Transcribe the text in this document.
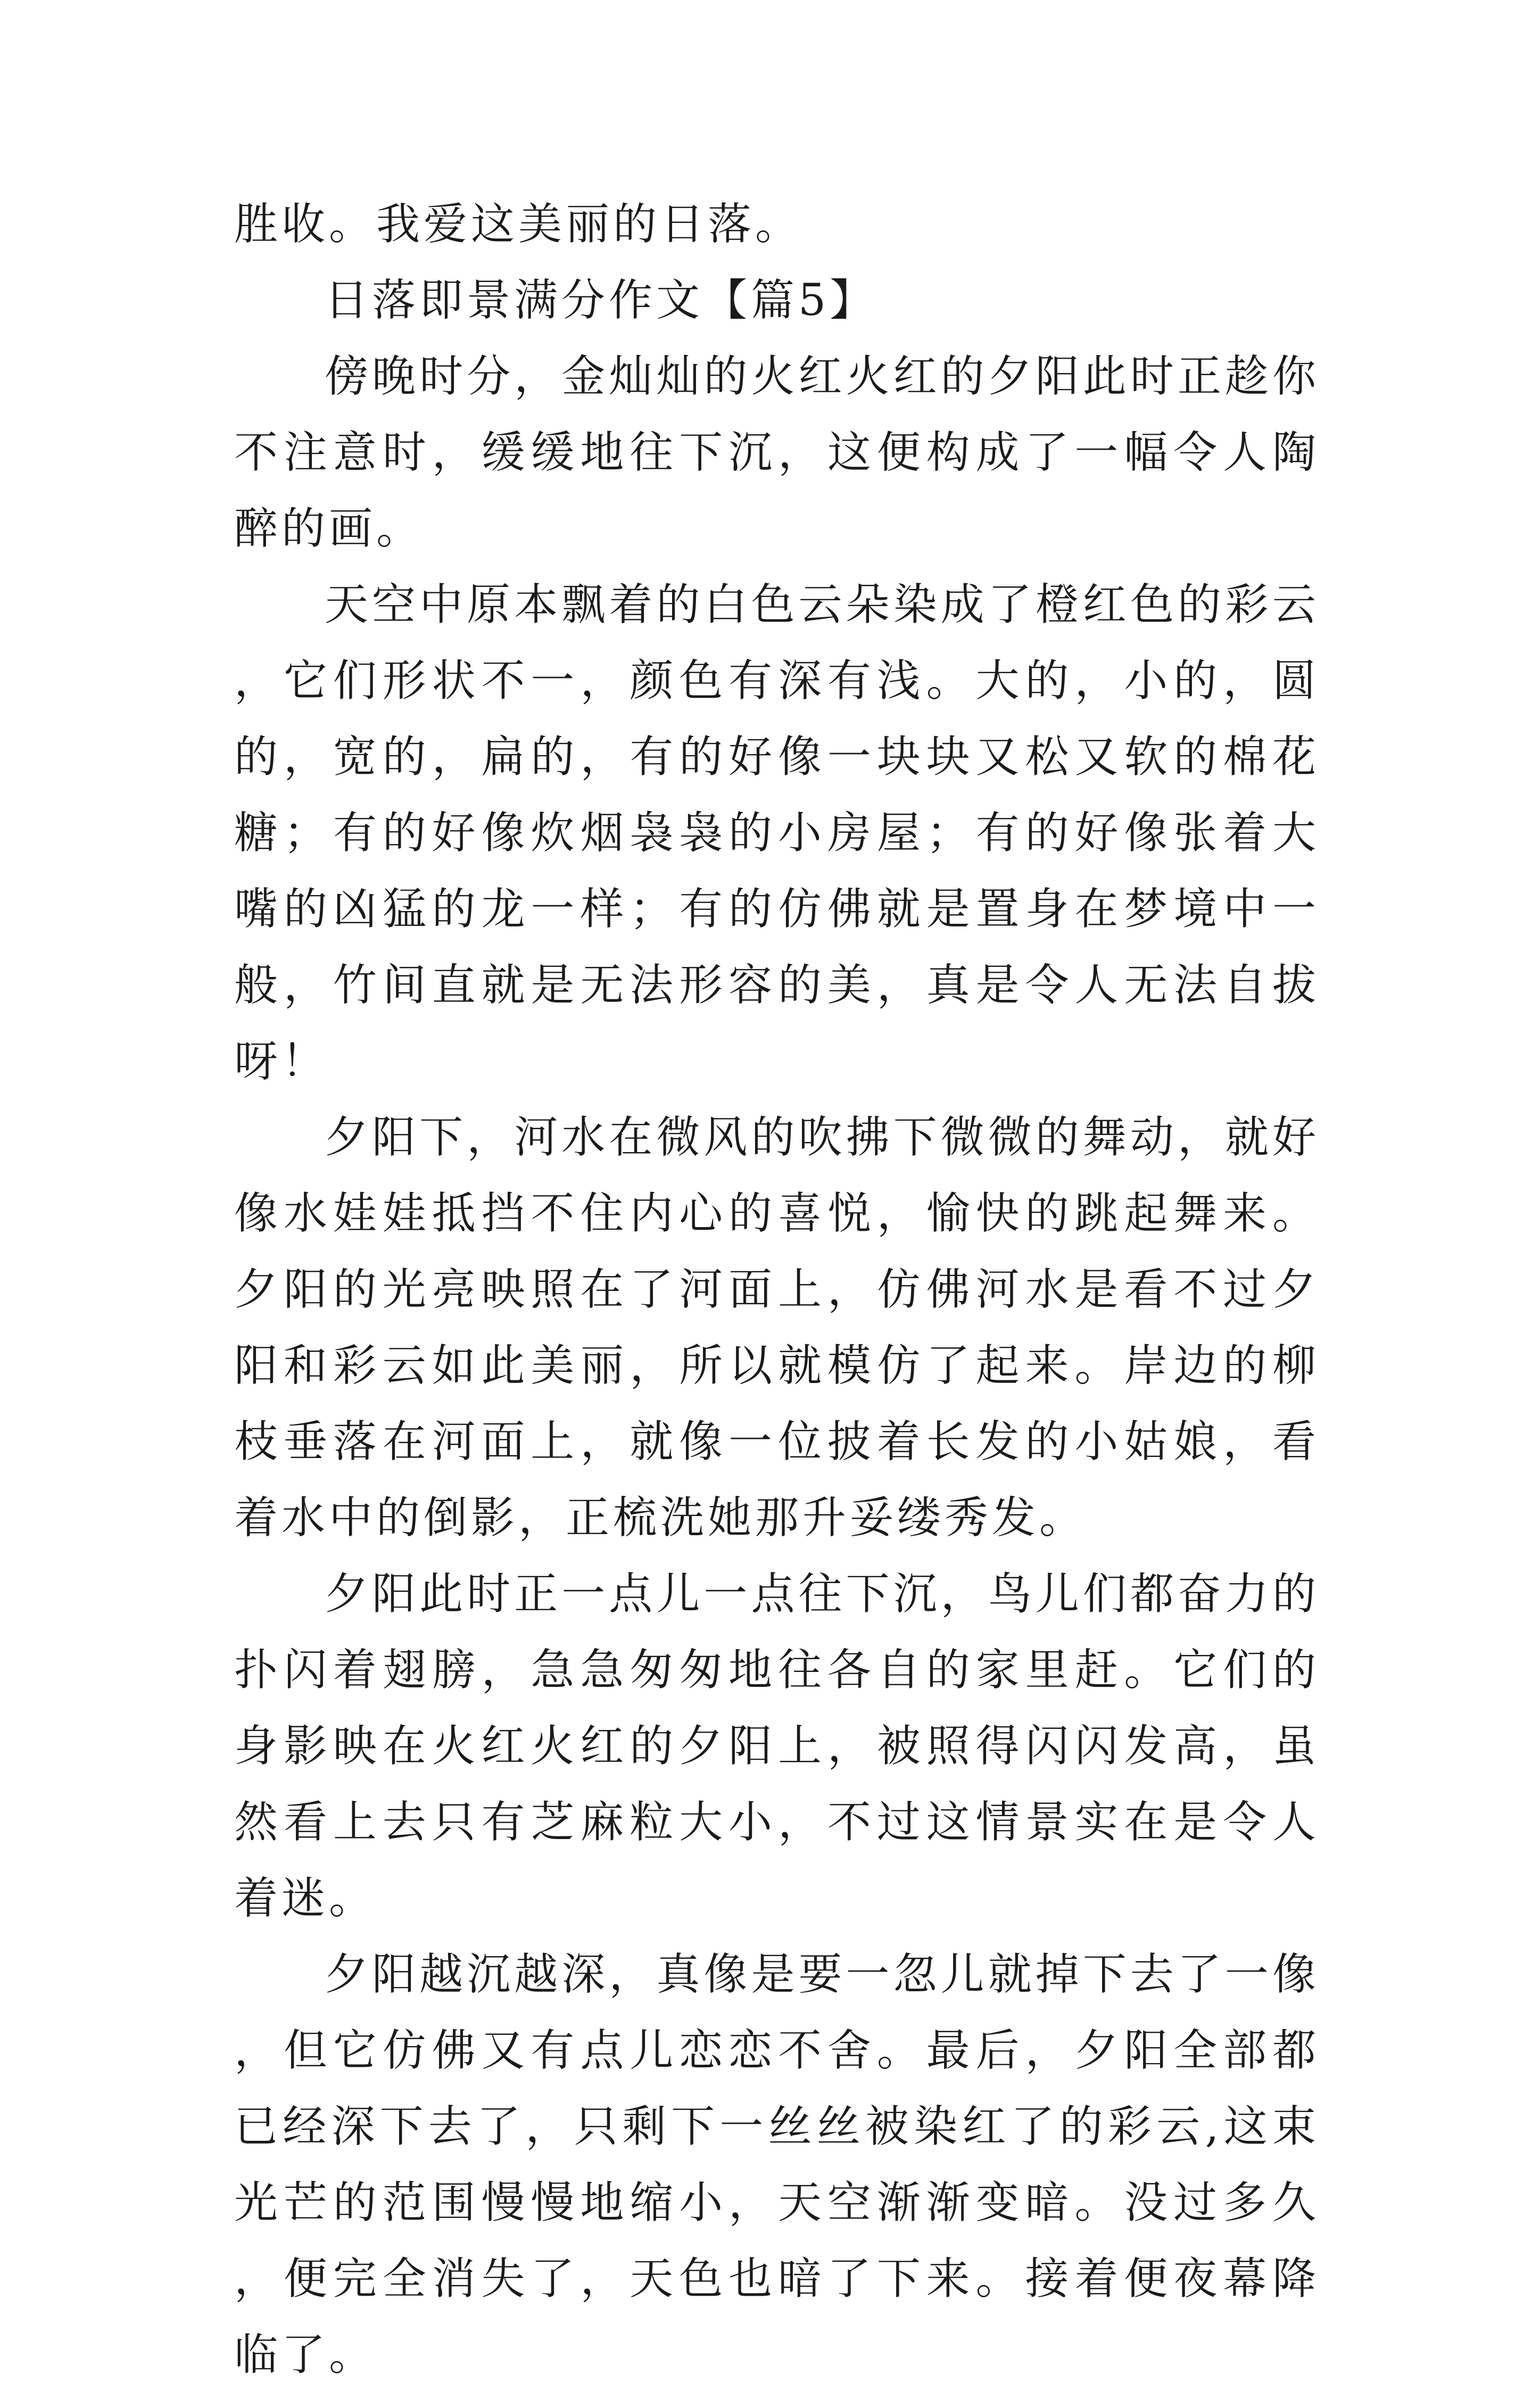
胜收。我爱这美丽的日落。

日落即景满分作文【篇5】

傍晚时分，金灿灿的火红火红的夕阳此时正趁你不注意时，缓缓地往下沉，这便构成了一幅令人陶醉的画。

天空中原本飘着的白色云朵染成了橙红色的彩云，它们形状不一，颜色有深有浅。大的，小的，圆的，宽的，扁的，有的好像一块块又松又软的棉花糖；有的好像炊烟袅袅的小房屋；有的好像张着大嘴的凶猛的龙一样；有的仿佛就是置身在梦境中一般，竹间直就是无法形容的美，真是令人无法自拔呀！

夕阳下，河水在微风的吹拂下微微的舞动，就好像水娃娃抵挡不住内心的喜悦，愉快的跳起舞来。夕阳的光亮映照在了河面上，仿佛河水是看不过夕阳和彩云如此美丽，所以就模仿了起来。岸边的柳枝垂落在河面上，就像一位披着长发的小姑娘，看着水中的倒影，正梳洗她那升妥缕秀发。

夕阳此时正一点儿一点往下沉，鸟儿们都奋力的扑闪着翅膀，急急匆匆地往各自的家里赶。它们的身影映在火红火红的夕阳上，被照得闪闪发高，虽然看上去只有芝麻粒大小，不过这情景实在是令人着迷。

夕阳越沉越深，真像是要一忽儿就掉下去了一像，但它仿佛又有点儿恋恋不舍。最后，夕阳全部都已经深下去了，只剩下一丝丝被染红了的彩云,这束光芒的范围慢慢地缩小，天空渐渐变暗。没过多久，便完全消失了，天色也暗了下来。接着便夜幕降临了。
